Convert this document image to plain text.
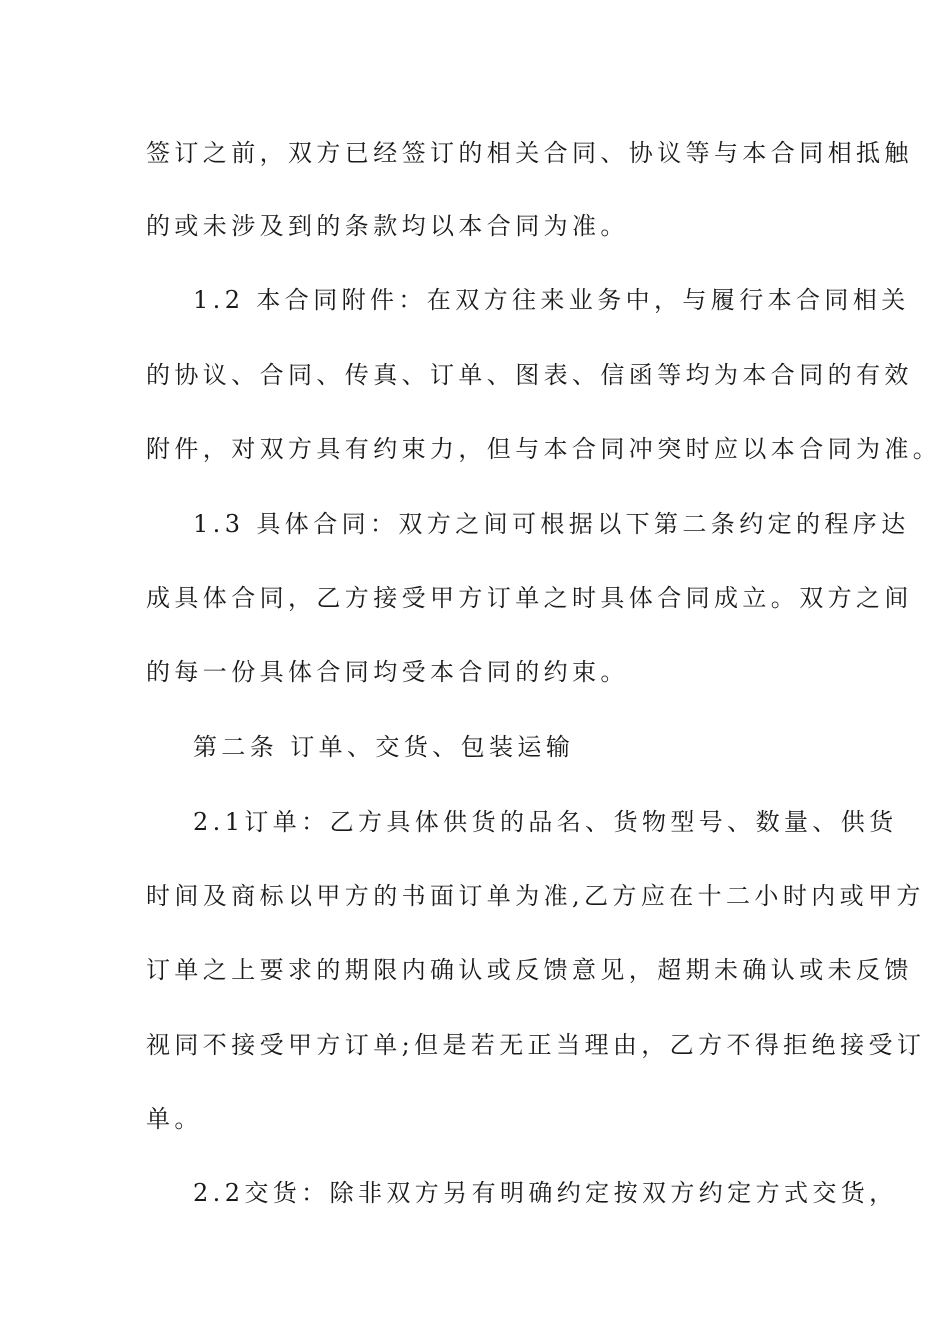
签订之前，双方已经签订的相关合同、协议等与本合同相抵触
的或未涉及到的条款均以本合同为准。
1.2 本合同附件：在双方往来业务中，与履行本合同相关
的协议、合同、传真、订单、图表、信函等均为本合同的有效
附件，对双方具有约束力，但与本合同冲突时应以本合同为准。
1.3 具体合同：双方之间可根据以下第二条约定的程序达
成具体合同，乙方接受甲方订单之时具体合同成立。双方之间
的每一份具体合同均受本合同的约束。
第二条 订单、交货、包装运输
2.1订单：乙方具体供货的品名、货物型号、数量、供货
时间及商标以甲方的书面订单为准,乙方应在十二小时内或甲方
订单之上要求的期限内确认或反馈意见，超期未确认或未反馈
视同不接受甲方订单;但是若无正当理由，乙方不得拒绝接受订
单。
2.2交货：除非双方另有明确约定按双方约定方式交货，
